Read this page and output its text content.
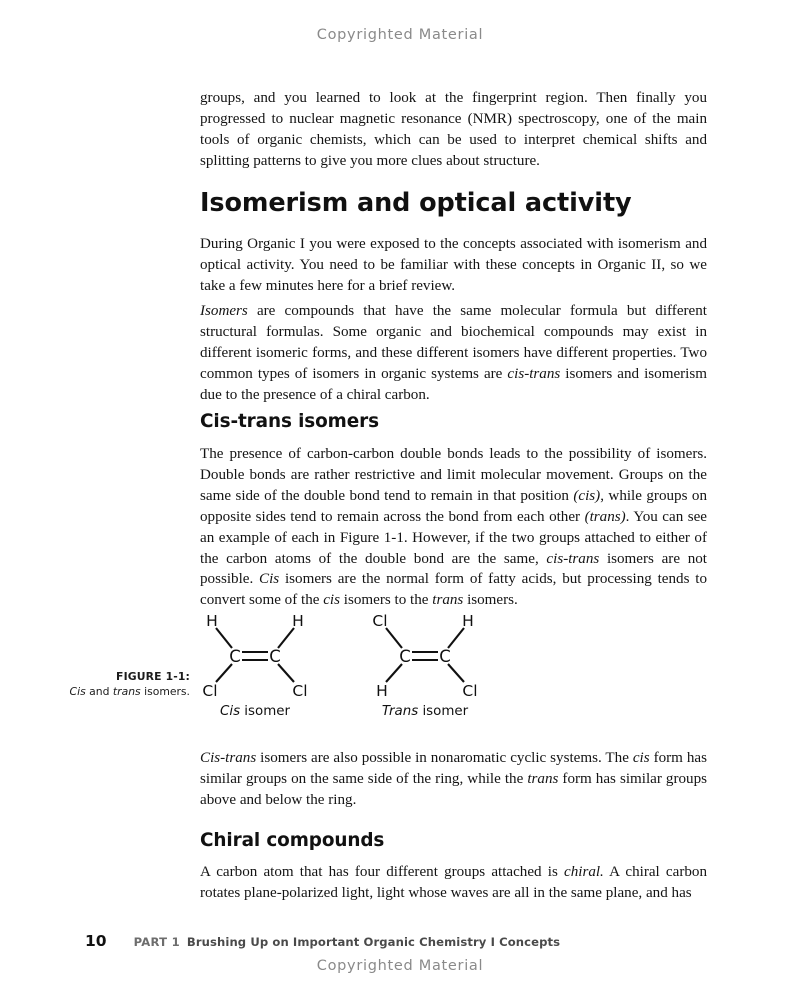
Copyrighted Material

groups, and you learned to look at the fingerprint region. Then finally you progressed to nuclear magnetic resonance (NMR) spectroscopy, one of the main tools of organic chemists, which can be used to interpret chemical shifts and splitting patterns to give you more clues about structure.

Isomerism and optical activity

During Organic I you were exposed to the concepts associated with isomerism and optical activity. You need to be familiar with these concepts in Organic II, so we take a few minutes here for a brief review.

Isomers are compounds that have the same molecular formula but different structural formulas. Some organic and biochemical compounds may exist in different isomeric forms, and these different isomers have different properties. Two common types of isomers in organic systems are cis-trans isomers and isomerism due to the presence of a chiral carbon.

Cis-trans isomers

The presence of carbon-carbon double bonds leads to the possibility of isomers. Double bonds are rather restrictive and limit molecular movement. Groups on the same side of the double bond tend to remain in that position (cis), while groups on opposite sides tend to remain across the bond from each other (trans). You can see an example of each in Figure 1-1. However, if the two groups attached to either of the carbon atoms of the double bond are the same, cis-trans isomers are not possible. Cis isomers are the normal form of fatty acids, but processing tends to convert some of the cis isomers to the trans isomers.

FIGURE 1-1:
Cis and trans isomers.
H	H
C C
Cl	Cl
Cis isomer
Cl	H
C C
H	Cl
Trans isomer

Cis-trans isomers are also possible in nonaromatic cyclic systems. The cis form has similar groups on the same side of the ring, while the trans form has similar groups above and below the ring.

Chiral compounds

A carbon atom that has four different groups attached is chiral. A chiral carbon rotates plane-polarized light, light whose waves are all in the same plane, and has

10 PART 1 Brushing Up on Important Organic Chemistry I Concepts
Copyrighted Material
